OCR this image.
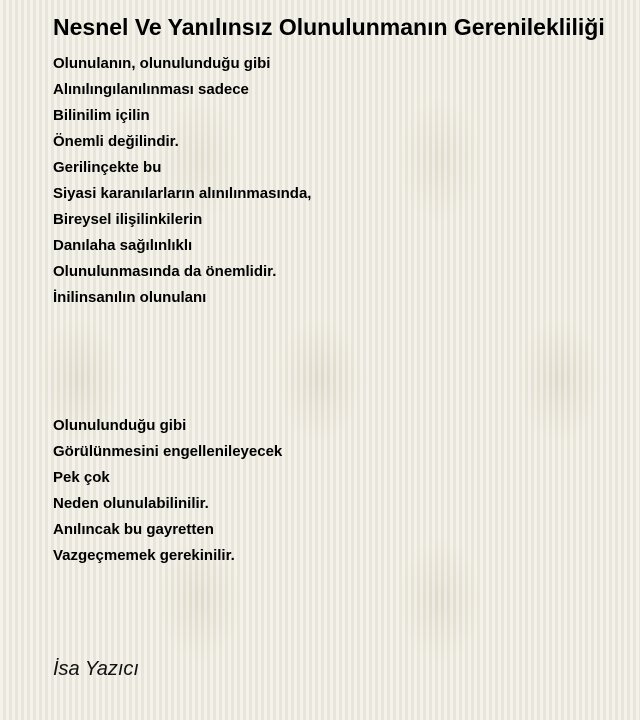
Nesnel Ve Yanılınsız Olunulunmanın Gerenilekliliği
Olunulanın, olunulunduğu gibi
Alınılıngılanılınması sadece
Bilinilim içilin
Önemli değilindir.
Gerilinçekte bu
Siyasi karanılarların alınılınmasında,
Bireysel ilişilinkilerin
Danılaha sağılınlıklı
Olunulunmasında da önemlidir.
İnilinsanılın olunulanı
Olunulunduğu gibi
Görülünmesini engellenileyecek
Pek çok
Neden olunulabilinilir.
Anılıncak bu gayretten
Vazgeçmemek gerekinilir.
İsa Yazıcı
